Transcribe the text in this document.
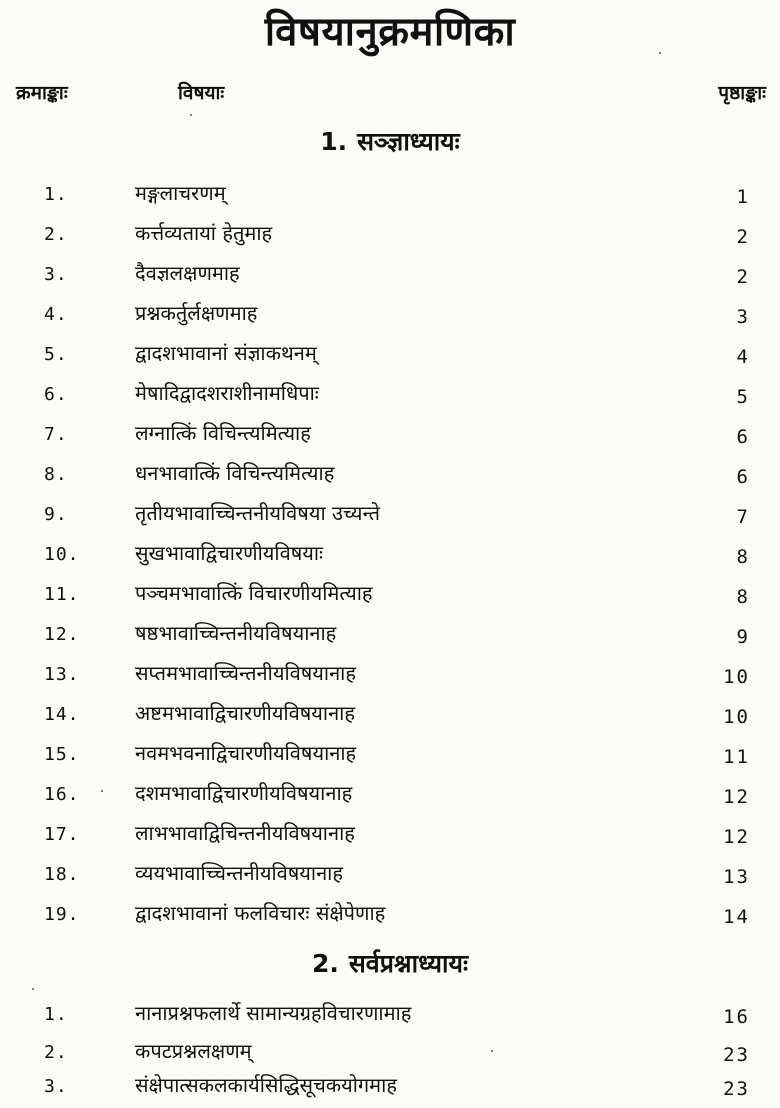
विषयानुक्रमणिका
क्रमाङ्काः	विषयाः	पृष्ठाङ्काः
1. सञ्ज्ञाध्यायः
1.	मङ्गलाचरणम्	1
2.	कर्त्तव्यतायां हेतुमाह	2
3.	दैवज्ञलक्षणमाह	2
4.	प्रश्नकर्तुर्लक्षणमाह	3
5.	द्वादशभावानां संज्ञाकथनम्	4
6.	मेषादिद्वादशराशीनामधिपाः	5
7.	लग्नात्किं विचिन्त्यमित्याह	6
8.	धनभावात्किं विचिन्त्यमित्याह	6
9.	तृतीयभावाच्चिन्तनीयविषया उच्यन्ते	7
10.	सुखभावाद्विचारणीयविषयाः	8
11.	पञ्चमभावात्किं विचारणीयमित्याह	8
12.	षष्ठभावाच्चिन्तनीयविषयानाह	9
13.	सप्तमभावाच्चिन्तनीयविषयानाह	10
14.	अष्टमभावाद्विचारणीयविषयानाह	10
15.	नवमभवनाद्विचारणीयविषयानाह	11
16.	दशमभावाद्विचारणीयविषयानाह	12
17.	लाभभावाद्विचिन्तनीयविषयानाह	12
18.	व्ययभावाच्चिन्तनीयविषयानाह	13
19.	द्वादशभावानां फलविचारः संक्षेपेणाह	14
2. सर्वप्रश्नाध्यायः
1.	नानाप्रश्नफलार्थे सामान्यग्रहविचारणामाह	16
2.	कपटप्रश्नलक्षणम्	23
3.	संक्षेपात्सकलकार्यसिद्धिसूचकयोगमाह	23
